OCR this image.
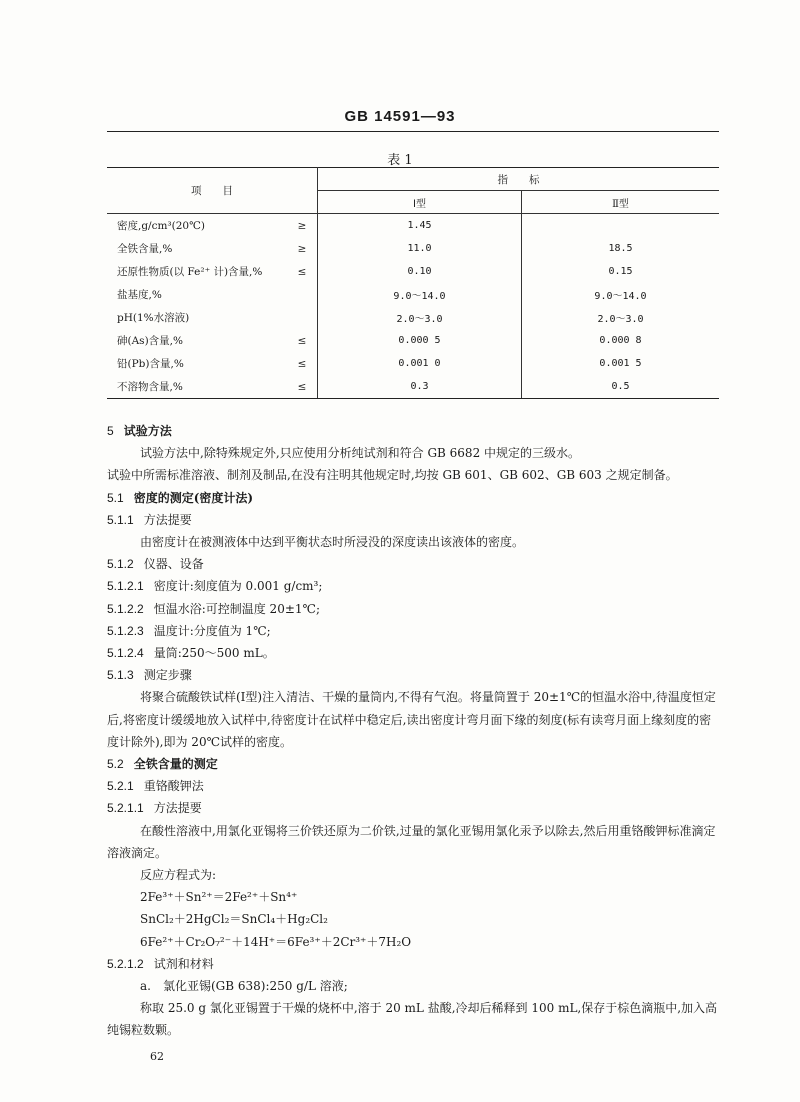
GB 14591—93
表 1
项　　目		指　　标	
		Ⅰ型	Ⅱ型
密度,g/cm³(20℃)	≥	1.45	
全铁含量,%	≥	11.0	18.5
还原性物质(以 Fe²⁺ 计)含量,%	≤	0.10	0.15
盐基度,%		9.0～14.0	9.0～14.0
pH(1%水溶液)		2.0～3.0	2.0～3.0
砷(As)含量,%	≤	0.000 5	0.000 8
铅(Pb)含量,%	≤	0.001 0	0.001 5
不溶物含量,%	≤	0.3	0.5

5 试验方法

试验方法中,除特殊规定外,只应使用分析纯试剂和符合 GB 6682 中规定的三级水。

试验中所需标准溶液、制剂及制品,在没有注明其他规定时,均按 GB 601、GB 602、GB 603 之规定制备。

5.1 密度的测定(密度计法)

5.1.1 方法提要

由密度计在被测液体中达到平衡状态时所浸没的深度读出该液体的密度。

5.1.2 仪器、设备

5.1.2.1 密度计:刻度值为 0.001 g/cm³;

5.1.2.2 恒温水浴:可控制温度 20±1℃;

5.1.2.3 温度计:分度值为 1℃;

5.1.2.4 量筒:250～500 mL。

5.1.3 测定步骤

将聚合硫酸铁试样(Ⅰ型)注入清洁、干燥的量筒内,不得有气泡。将量筒置于 20±1℃的恒温水浴中,待温度恒定后,将密度计缓缓地放入试样中,待密度计在试样中稳定后,读出密度计弯月面下缘的刻度(标有读弯月面上缘刻度的密度计除外),即为 20℃试样的密度。

5.2 全铁含量的测定

5.2.1 重铬酸钾法

5.2.1.1 方法提要

在酸性溶液中,用氯化亚锡将三价铁还原为二价铁,过量的氯化亚锡用氯化汞予以除去,然后用重铬酸钾标准滴定溶液滴定。

反应方程式为:

2Fe³⁺＋Sn²⁺＝2Fe²⁺＋Sn⁴⁺

SnCl₂＋2HgCl₂＝SnCl₄＋Hg₂Cl₂

6Fe²⁺＋Cr₂O₇²⁻＋14H⁺＝6Fe³⁺＋2Cr³⁺＋7H₂O

5.2.1.2 试剂和材料

a.　氯化亚锡(GB 638):250 g/L 溶液;

称取 25.0 g 氯化亚锡置于干燥的烧杯中,溶于 20 mL 盐酸,冷却后稀释到 100 mL,保存于棕色滴瓶中,加入高纯锡粒数颗。

62
